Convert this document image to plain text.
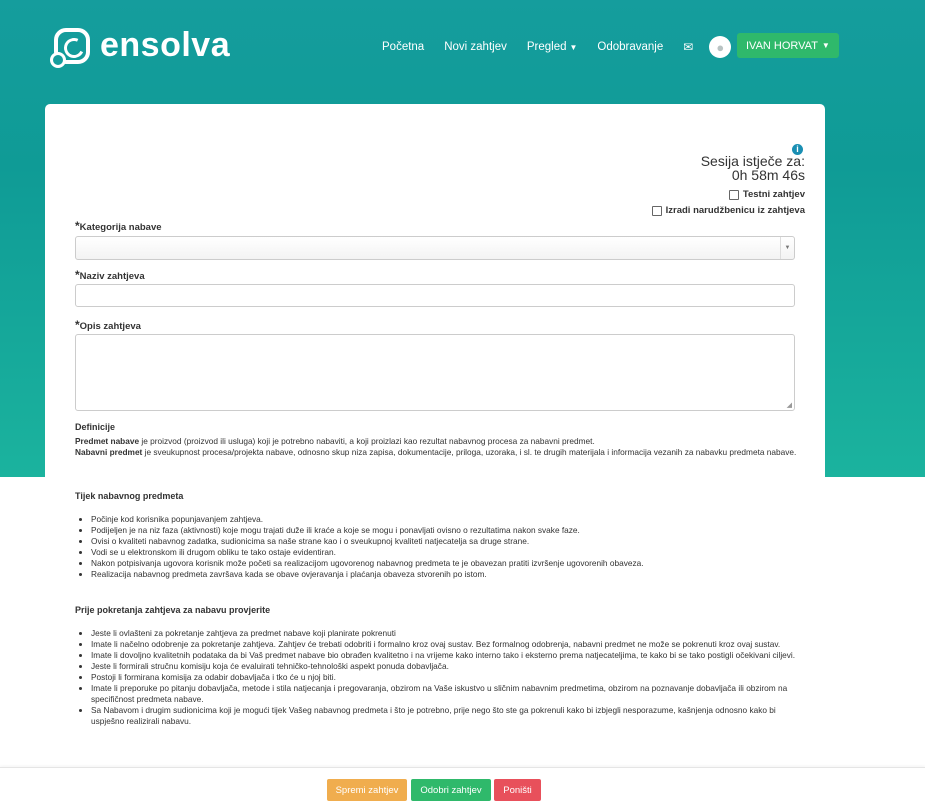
ensolva	Početna Novi zahtjev Pregled ▼ Odobravanje ✉	●	IVAN HORVAT ▼
i
Sesija istječe za:
0h 58m 46s
Testni zahtjev
Izradi narudžbenicu iz zahtjeva
*Kategorija nabave
▼
*Naziv zahtjeva
*Opis zahtjeva
◢
Definicije
Predmet nabave je proizvod (proizvod ili usluga) koji je potrebno nabaviti, a koji proizlazi kao rezultat nabavnog procesa za nabavni predmet.
Nabavni predmet je sveukupnost procesa/projekta nabave, odnosno skup niza zapisa, dokumentacije, priloga, uzoraka, i sl. te drugih materijala i informacija vezanih za nabavku predmeta nabave.
Tijek nabavnog predmeta
• Počinje kod korisnika popunjavanjem zahtjeva.
• Podijeljen je na niz faza (aktivnosti) koje mogu trajati duže ili kraće a koje se mogu i ponavljati ovisno o rezultatima nakon svake faze.
• Ovisi o kvaliteti nabavnog zadatka, sudionicima sa naše strane kao i o sveukupnoj kvaliteti natjecatelja sa druge strane.
• Vodi se u elektronskom ili drugom obliku te tako ostaje evidentiran.
• Nakon potpisivanja ugovora korisnik može početi sa realizacijom ugovorenog nabavnog predmeta te je obavezan pratiti izvršenje ugovorenih obaveza.
• Realizacija nabavnog predmeta završava kada se obave ovjeravanja i plaćanja obaveza stvorenih po istom.
Prije pokretanja zahtjeva za nabavu provjerite
• Jeste li ovlašteni za pokretanje zahtjeva za predmet nabave koji planirate pokrenuti
• Imate li načelno odobrenje za pokretanje zahtjeva. Zahtjev će trebati odobriti i formalno kroz ovaj sustav. Bez formalnog odobrenja, nabavni predmet ne može se pokrenuti kroz ovaj sustav.
• Imate li dovoljno kvalitetnih podataka da bi Vaš predmet nabave bio obrađen kvalitetno i na vrijeme kako interno tako i eksterno prema natjecateljima, te kako bi se tako postigli očekivani ciljevi.
• Jeste li formirali stručnu komisiju koja će evaluirati tehničko-tehnološki aspekt ponuda dobavljača.
• Postoji li formirana komisija za odabir dobavljača i tko će u njoj biti.
• Imate li preporuke po pitanju dobavljača, metode i stila natjecanja i pregovaranja, obzirom na Vaše iskustvo u sličnim nabavnim predmetima, obzirom na poznavanje dobavljača ili obzirom na specifičnost predmeta nabave.
• Sa Nabavom i drugim sudionicima koji je mogući tijek Vašeg nabavnog predmeta i što je potrebno, prije nego što ste ga pokrenuli kako bi izbjegli nesporazume, kašnjenja odnosno kako bi uspješno realizirali nabavu.
Spremi zahtjev	Odobri zahtjev	Poništi
